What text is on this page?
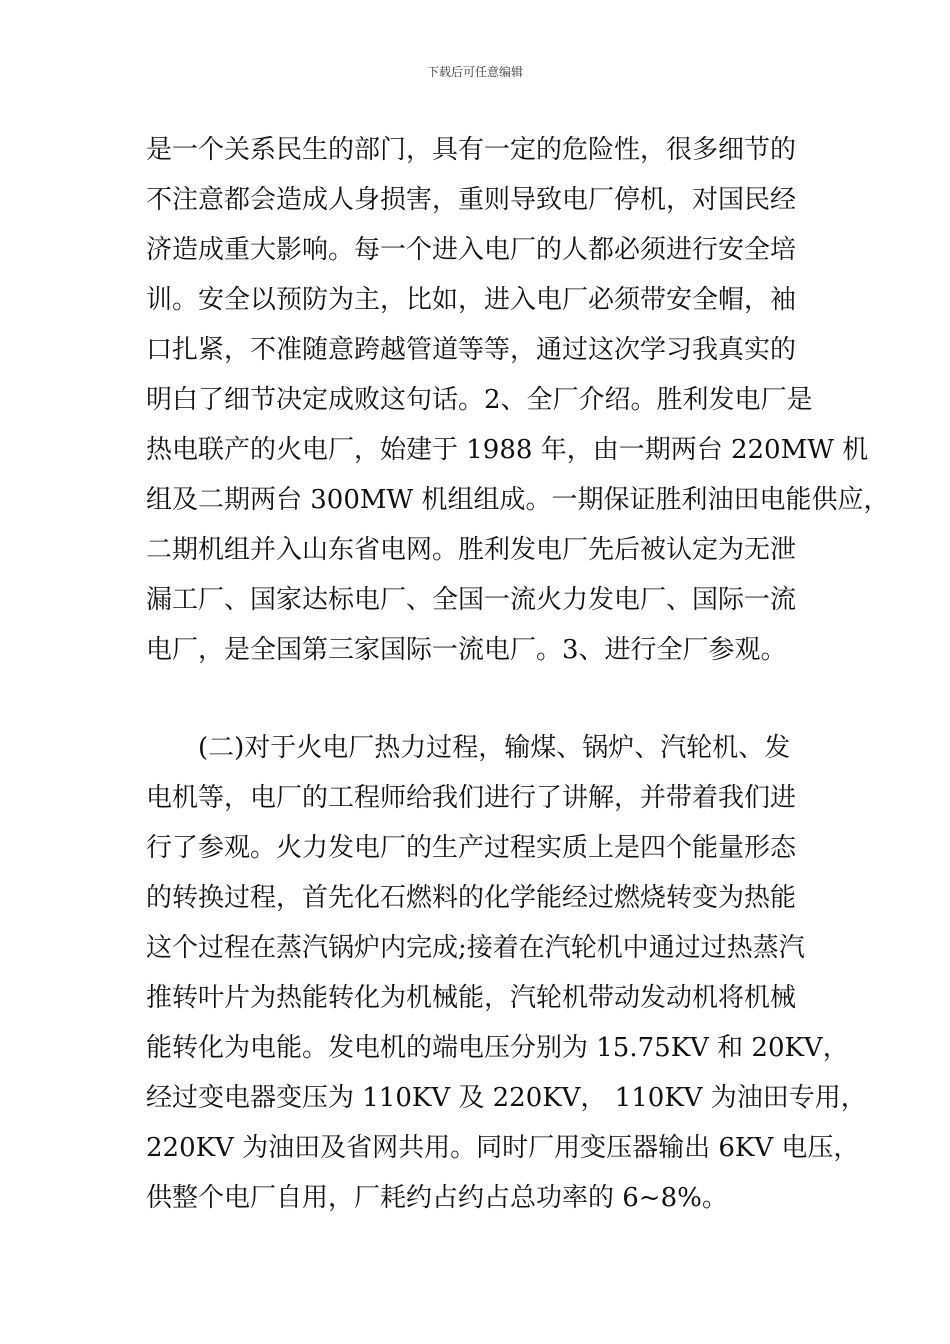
下载后可任意编辑
是一个关系民生的部门，具有一定的危险性，很多细节的
不注意都会造成人身损害，重则导致电厂停机，对国民经
济造成重大影响。每一个进入电厂的人都必须进行安全培
训。安全以预防为主，比如，进入电厂必须带安全帽，袖
口扎紧，不准随意跨越管道等等，通过这次学习我真实的
明白了细节决定成败这句话。2、全厂介绍。胜利发电厂是
热电联产的火电厂，始建于 1988 年，由一期两台 220MW 机
组及二期两台 300MW 机组组成。一期保证胜利油田电能供应，
二期机组并入山东省电网。胜利发电厂先后被认定为无泄
漏工厂、国家达标电厂、全国一流火力发电厂、国际一流
电厂，是全国第三家国际一流电厂。3、进行全厂参观。
(二)对于火电厂热力过程，输煤、锅炉、汽轮机、发
电机等，电厂的工程师给我们进行了讲解，并带着我们进
行了参观。火力发电厂的生产过程实质上是四个能量形态
的转换过程，首先化石燃料的化学能经过燃烧转变为热能
这个过程在蒸汽锅炉内完成;接着在汽轮机中通过过热蒸汽
推转叶片为热能转化为机械能，汽轮机带动发动机将机械
能转化为电能。发电机的端电压分别为 15.75KV 和 20KV，
经过变电器变压为 110KV 及 220KV， 110KV 为油田专用，
220KV 为油田及省网共用。同时厂用变压器输出 6KV 电压，
供整个电厂自用，厂耗约占约占总功率的 6~8%。
